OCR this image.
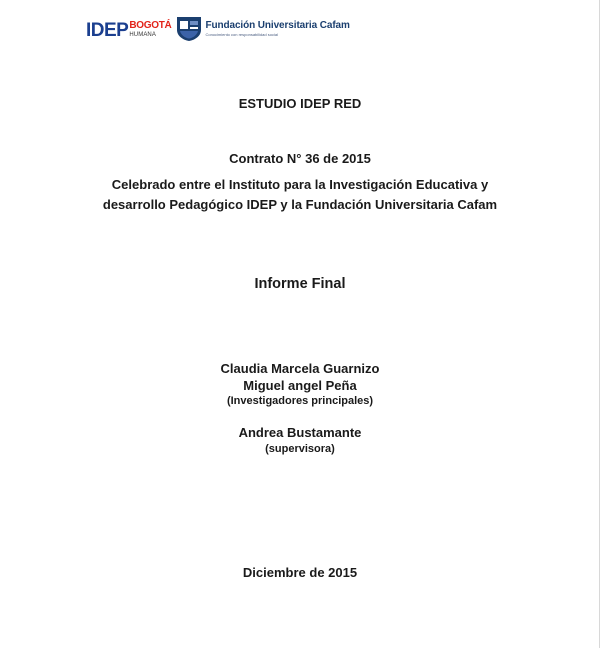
IDEP BOGOTÁ
HUMANA
Fundación Universitaria Cafam
Conocimiento con responsabilidad social
ESTUDIO IDEP RED
Contrato N° 36 de 2015
Celebrado entre el Instituto para la Investigación Educativa y
desarrollo Pedagógico IDEP y la Fundación Universitaria Cafam
Informe Final
Claudia Marcela Guarnizo
Miguel angel Peña
(Investigadores principales)
Andrea Bustamante
(supervisora)
Diciembre de 2015
